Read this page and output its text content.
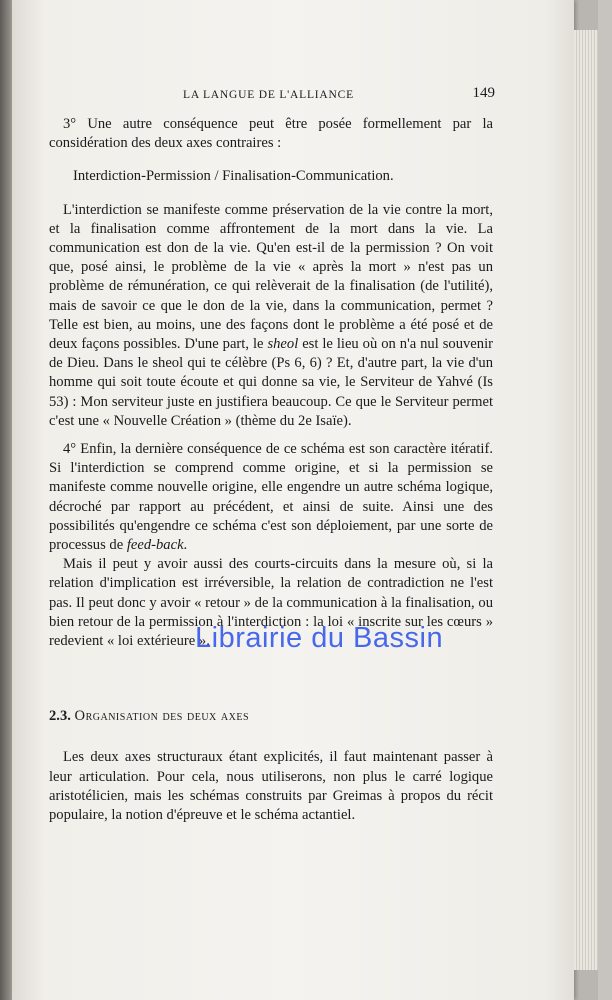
LA LANGUE DE L'ALLIANCE	149

3° Une autre conséquence peut être posée formellement par la considération des deux axes contraires :

Interdiction-Permission / Finalisation-Communication.

L'interdiction se manifeste comme préservation de la vie contre la mort, et la finalisation comme affrontement de la mort dans la vie. La communication est don de la vie. Qu'en est-il de la permission ? On voit que, posé ainsi, le problème de la vie « après la mort » n'est pas un problème de rémunération, ce qui relèverait de la finalisation (de l'utilité), mais de savoir ce que le don de la vie, dans la communication, permet ? Telle est bien, au moins, une des façons dont le problème a été posé et de deux façons possibles. D'une part, le sheol est le lieu où on n'a nul souvenir de Dieu. Dans le sheol qui te célèbre (Ps 6, 6) ? Et, d'autre part, la vie d'un homme qui soit toute écoute et qui donne sa vie, le Serviteur de Yahvé (Is 53) : Mon serviteur juste en justifiera beaucoup. Ce que le Serviteur permet c'est une « Nouvelle Création » (thème du 2e Isaïe).

4° Enfin, la dernière conséquence de ce schéma est son caractère itératif. Si l'interdiction se comprend comme origine, et si la permission se manifeste comme nouvelle origine, elle engendre un autre schéma logique, décroché par rapport au précédent, et ainsi de suite. Ainsi une des possibilités qu'engendre ce schéma c'est son déploiement, par une sorte de processus de feed-back.

Mais il peut y avoir aussi des courts-circuits dans la mesure où, si la relation d'implication est irréversible, la relation de contradiction ne l'est pas. Il peut donc y avoir « retour » de la communication à la finalisation, ou bien retour de la permission à l'interdiction : la loi « inscrite sur les cœurs » redevient « loi extérieure ».

2.3. Organisation des deux axes

Les deux axes structuraux étant explicités, il faut maintenant passer à leur articulation. Pour cela, nous utiliserons, non plus le carré logique aristotélicien, mais les schémas construits par Greimas à propos du récit populaire, la notion d'épreuve et le schéma actantiel.

Librairie du Bassin
